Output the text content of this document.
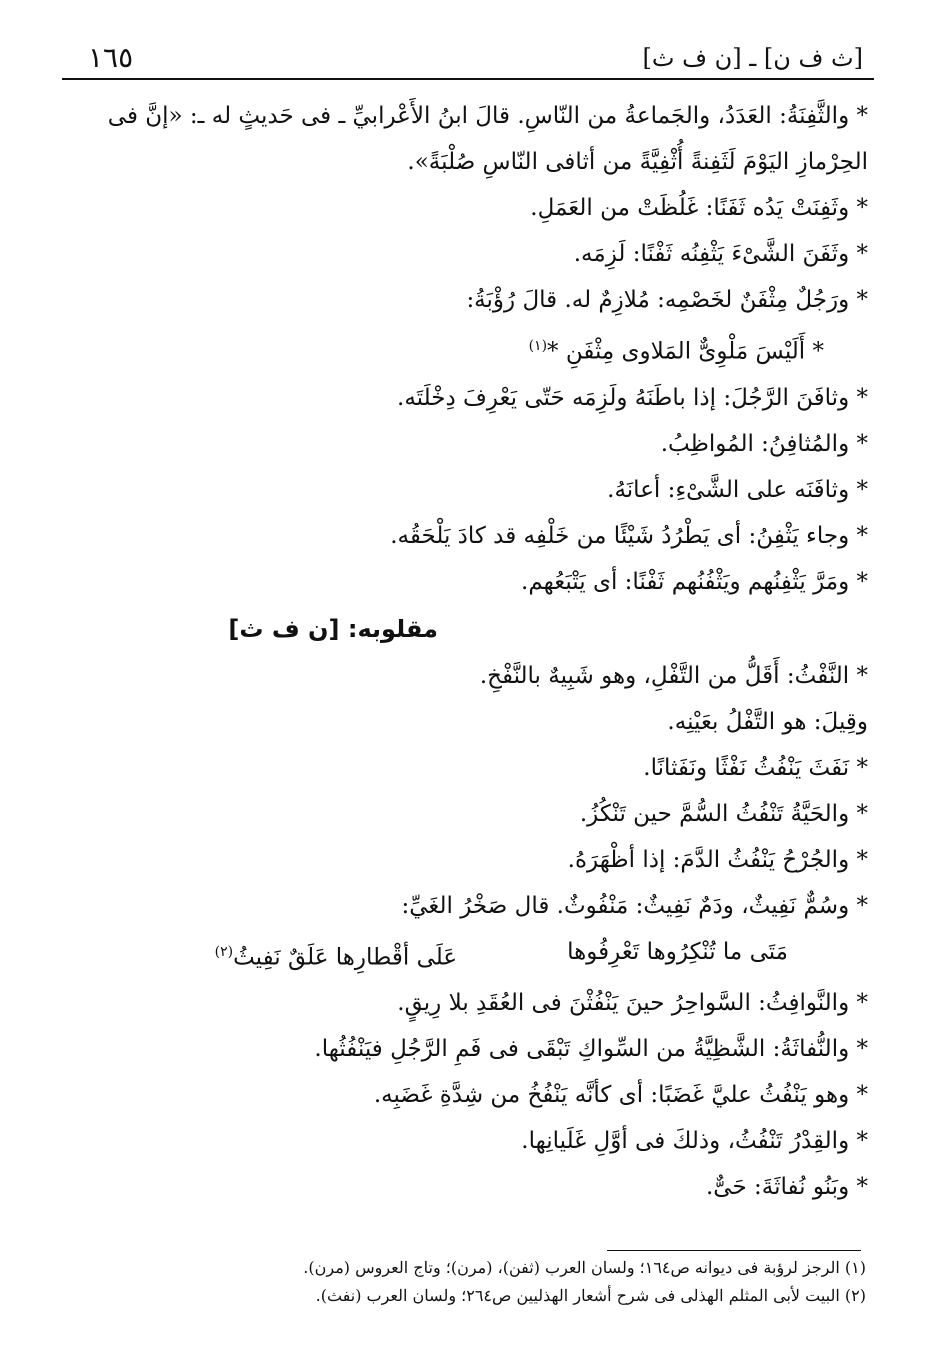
١٦٥	[ث ف ن] ـ [ن ف ث]

* والثَّفِنَةُ: العَدَدُ، والجَماعةُ من النّاسِ. قالَ ابنُ الأَعْرابيِّ ـ فى حَديثٍ له ـ: «إنَّ فى

الحِرْمازِ اليَوْمَ لَثَفِنةً أُثْفِيَّةً من أثافى النّاسِ صُلْبَةً».

* وثَفِنَتْ يَدُه ثَفَنًا: غَلُظَتْ من العَمَلِ.

* وثَفَنَ الشَّىْءَ يَثْفِنُه ثَفْنًا: لَزِمَه.

* ورَجُلٌ مِثْفَنٌ لخَصْمِه: مُلازِمٌ له. قالَ رُؤْبَةُ:

* أَلَيْسَ مَلْوِىٌّ المَلاوى مِثْفَنِ *$^{(١)}$

* وثافَنَ الرَّجُلَ: إذا باطَنَهُ ولَزِمَه حَتّى يَعْرِفَ دِخْلَتَه.

* والمُثافِنُ: المُواظِبُ.

* وثافَنَه على الشَّىْءِ: أعانَهُ.

* وجاء يَثْفِنُ: أى يَطْرُدُ شَيْئًا من خَلْفِه قد كادَ يَلْحَقُه.

* ومَرَّ يَثْفِنُهم ويَثْفُنُهم ثَفْنًا: أى يَتْبَعُهم.

مقلوبه: [ن ف ث]

* النَّفْثُ: أَقَلُّ من التَّفْلِ، وهو شَبِيهٌ بالنَّفْخِ.

وقِيلَ: هو التَّفْلُ بعَيْنِه.

* نَفَثَ يَنْفُثُ نَفْثًا ونَفَثانًا.

* والحَيَّةُ تَنْفُثُ السُّمَّ حين تَنْكُزُ.

* والجُرْحُ يَنْفُثُ الدَّمَ: إذا أظْهَرَهُ.

* وسُمٌّ نَفِيثٌ، ودَمٌ نَفِيثٌ: مَنْفُوثٌ. قال صَخْرُ الغَيِّ:

مَتَى ما تُنْكِرُوها تَعْرِفُوها
عَلَى أقْطارِها عَلَقٌ نَفِيثُ$^{(٢)}$

* والنَّوافِثُ: السَّواحِرُ حينَ يَنْفُثْنَ فى العُقَدِ بلا رِيقٍ.

* والنُّفاثَةُ: الشَّظِيَّةُ من السِّواكِ تَبْقَى فى فَمِ الرَّجُلِ فيَنْفُثُها.

* وهو يَنْفُثُ عليَّ غَضَبًا: أى كأنَّه يَنْفُخُ من شِدَّةِ غَضَبِه.

* والقِدْرُ تَنْفُثُ، وذلكَ فى أوَّلِ غَلَيانِها.

* وبَنُو نُفاثَةَ: حَىٌّ.

(١) الرجز لرؤبة فى ديوانه ص١٦٤؛ ولسان العرب (ثفن)، (مرن)؛ وتاج العروس (مرن).

(٢) البيت لأبى المثلم الهذلى فى شرح أشعار الهذليين ص٢٦٤؛ ولسان العرب (نفث).
